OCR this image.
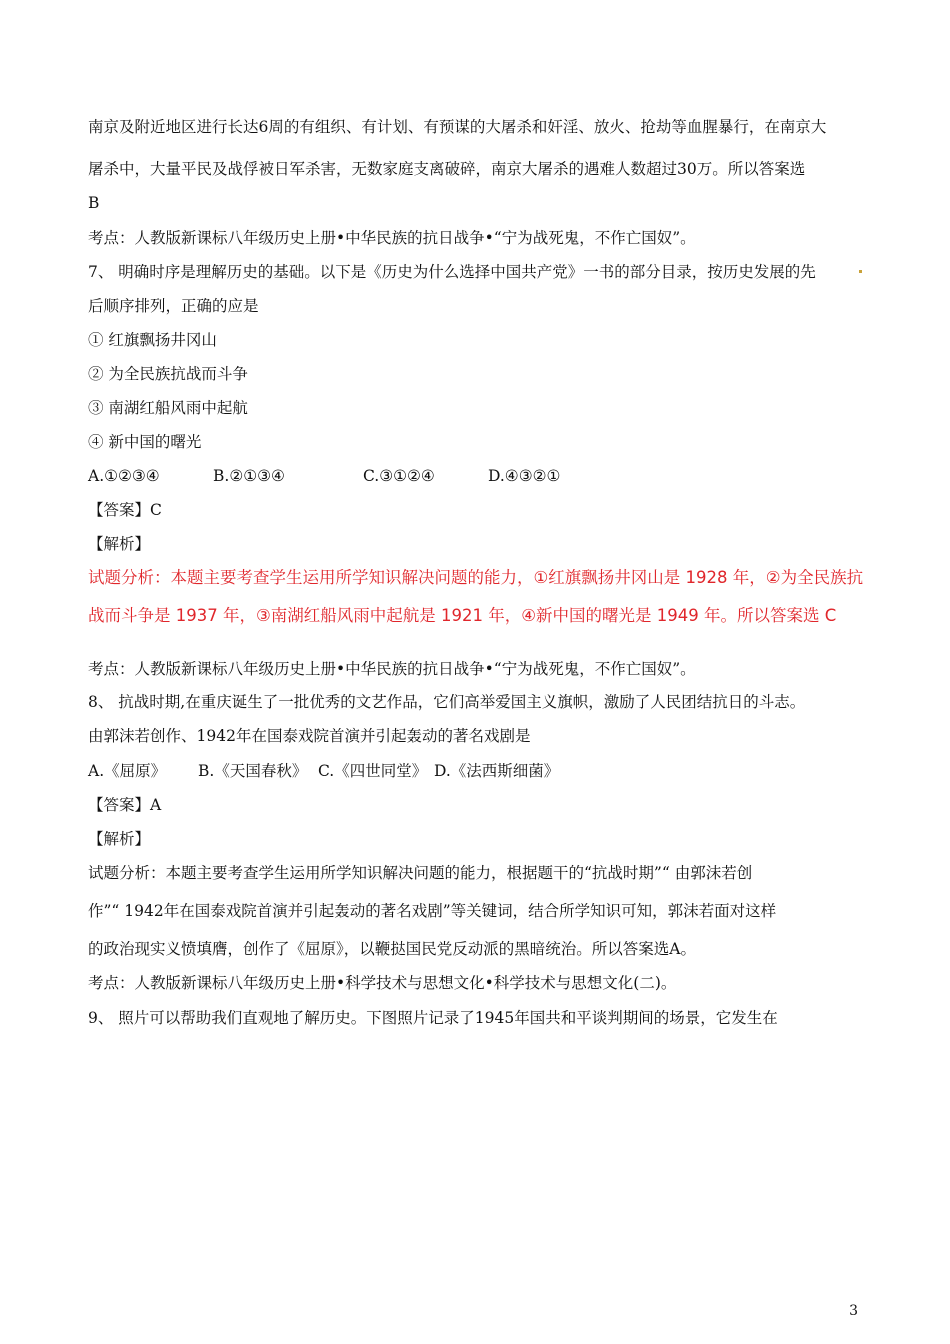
南京及附近地区进行长达6周的有组织、有计划、有预谋的大屠杀和奸淫、放火、抢劫等血腥暴行，在南京大
屠杀中，大量平民及战俘被日军杀害，无数家庭支离破碎，南京大屠杀的遇难人数超过30万。所以答案选
B
考点：人教版新课标八年级历史上册•中华民族的抗日战争•“宁为战死鬼，不作亡国奴”。
7、 明确时序是理解历史的基础。以下是《历史为什么选择中国共产党》一书的部分目录，按历史发展的先
后顺序排列，正确的应是
① 红旗飘扬井冈山
② 为全民族抗战而斗争
③ 南湖红船风雨中起航
④ 新中国的曙光
A.①②③④	B.②①③④	C.③①②④	D.④③②①
【答案】C
【解析】
试题分析：本题主要考查学生运用所学知识解决问题的能力，①红旗飘扬井冈山是 1928 年，②为全民族抗
战而斗争是 1937 年，③南湖红船风雨中起航是 1921 年，④新中国的曙光是 1949 年。所以答案选 C
考点：人教版新课标八年级历史上册•中华民族的抗日战争•“宁为战死鬼，不作亡国奴”。
8、 抗战时期,在重庆诞生了一批优秀的文艺作品，它们高举爱国主义旗帜，激励了人民团结抗日的斗志。
由郭沫若创作、1942年在国泰戏院首演并引起轰动的著名戏剧是
A.《屈原》 B.《天国春秋》 C.《四世同堂》 D.《法西斯细菌》
【答案】A
【解析】
试题分析：本题主要考查学生运用所学知识解决问题的能力，根据题干的“抗战时期”“ 由郭沫若创
作”“ 1942年在国泰戏院首演并引起轰动的著名戏剧”等关键词，结合所学知识可知，郭沫若面对这样
的政治现实义愤填膺，创作了《屈原》，以鞭挞国民党反动派的黑暗统治。所以答案选A。
考点：人教版新课标八年级历史上册•科学技术与思想文化•科学技术与思想文化(二)。
9、 照片可以帮助我们直观地了解历史。下图照片记录了1945年国共和平谈判期间的场景，它发生在
3
